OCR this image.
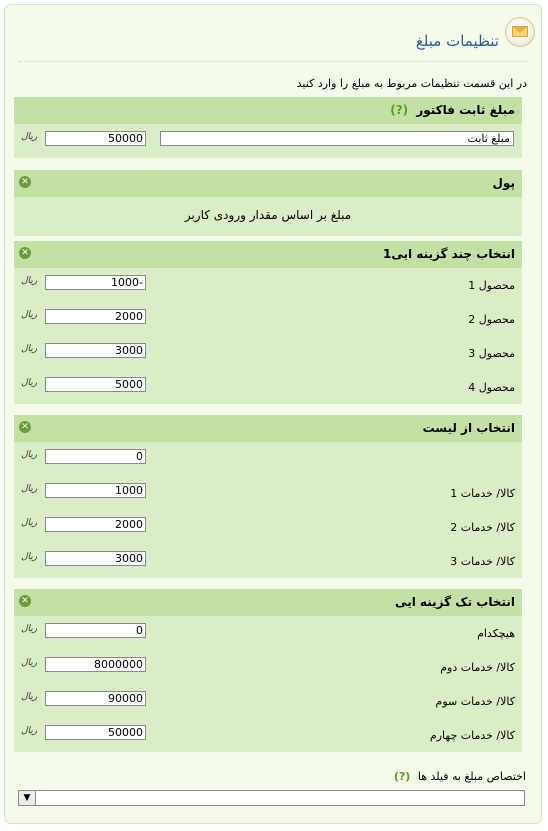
تنظیمات مبلغ
در این قسمت تنظیمات مربوط به مبلغ را وارد کنید
مبلغ ثابت فاکتور (?)
مبلغ ثابت
50000
ریال
پول
✕
مبلغ بر اساس مقدار ورودی کاربر
انتخاب چند گزینه ایی1
✕
محصول 1
1000-
ریال
محصول 2
2000
ریال
محصول 3
3000
ریال
محصول 4
5000
ریال
انتخاب از لیست
✕
0
ریال
کالا/ خدمات 1
1000
ریال
کالا/ خدمات 2
2000
ریال
کالا/ خدمات 3
3000
ریال
انتخاب تک گزینه ایی
✕
هیچکدام
0
ریال
کالا/ خدمات دوم
8000000
ریال
کالا/ خدمات سوم
90000
ریال
کالا/ خدمات چهارم
50000
ریال
اختصاص مبلغ به فیلد ها (?)
▼
